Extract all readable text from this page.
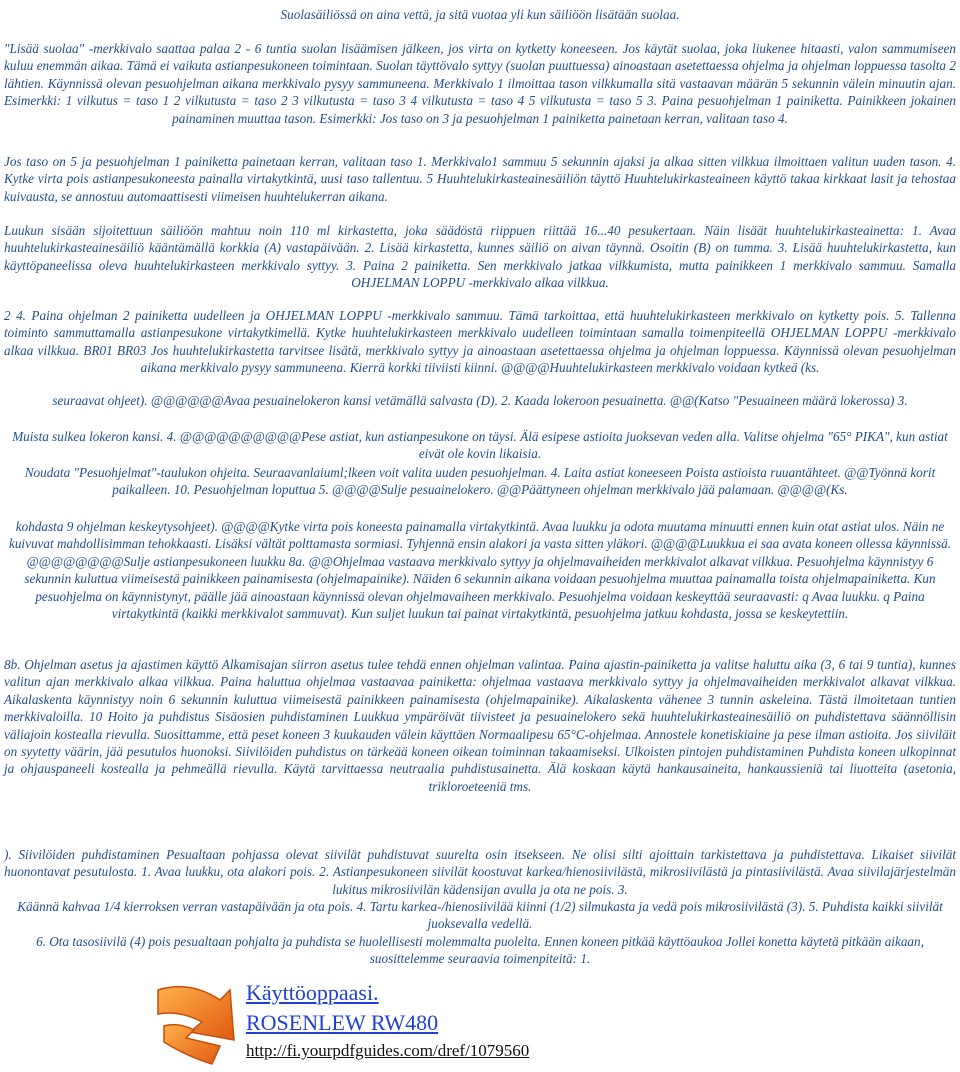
Suolasäiliössä on aina vettä, ja sitä vuotaa yli kun säiliöön lisätään suolaa.

"Lisää suolaa" -merkkivalo saattaa palaa 2 - 6 tuntia suolan lisäämisen jälkeen, jos virta on kytketty koneeseen. Jos käytät suolaa, joka liukenee hitaasti, valon sammumiseen kuluu enemmän aikaa. Tämä ei vaikuta astianpesukoneen toimintaan. Suolan täyttövalo syttyy (suolan puuttuessa) ainoastaan asetettaessa ohjelma ja ohjelman loppuessa tasolta 2 lähtien. Käynnissä olevan pesuohjelman aikana merkkivalo pysyy sammuneena. Merkkivalo 1 ilmoittaa tason vilkkumalla sitä vastaavan määrän 5 sekunnin välein minuutin ajan. Esimerkki: 1 vilkutus = taso 1 2 vilkutusta = taso 2 3 vilkutusta = taso 3 4 vilkutusta = taso 4 5 vilkutusta = taso 5 3. Paina pesuohjelman 1 painiketta. Painikkeen jokainen painaminen muuttaa tason. Esimerkki: Jos taso on 3 ja pesuohjelman 1 painiketta painetaan kerran, valitaan taso 4.

Jos taso on 5 ja pesuohjelman 1 painiketta painetaan kerran, valitaan taso 1. Merkkivalo1 sammuu 5 sekunnin ajaksi ja alkaa sitten vilkkua ilmoittaen valitun uuden tason. 4. Kytke virta pois astianpesukoneesta painalla virtakytkintä, uusi taso tallentuu. 5 Huuhtelukirkasteainesäiliön täyttö Huuhtelukirkasteaineen käyttö takaa kirkkaat lasit ja tehostaa kuivausta, se annostuu automaattisesti viimeisen huuhtelukerran aikana.

Luukun sisään sijoitettuun säiliöön mahtuu noin 110 ml kirkastetta, joka säädöstä riippuen riittää 16...40 pesukertaan. Näin lisäät huuhtelukirkasteainetta: 1. Avaa huuhtelukirkasteainesäiliö kääntämällä korkkia (A) vastapäivään. 2. Lisää kirkastetta, kunnes säiliö on aivan täynnä. Osoitin (B) on tumma. 3. Lisää huuhtelukirkastetta, kun käyttöpaneelissa oleva huuhtelukirkasteen merkkivalo syttyy. 3. Paina 2 painiketta. Sen merkkivalo jatkaa vilkkumista, mutta painikkeen 1 merkkivalo sammuu. Samalla OHJELMAN LOPPU -merkkivalo alkaa vilkkua.

2 4. Paina ohjelman 2 painiketta uudelleen ja OHJELMAN LOPPU -merkkivalo sammuu. Tämä tarkoittaa, että huuhtelukirkasteen merkkivalo on kytketty pois. 5. Tallenna toiminto sammuttamalla astianpesukone virtakytkimellä. Kytke huuhtelukirkasteen merkkivalo uudelleen toimintaan samalla toimenpiteellä OHJELMAN LOPPU -merkkivalo alkaa vilkkua. BR01 BR03 Jos huuhtelukirkastetta tarvitsee lisätä, merkkivalo syttyy ja ainoastaan asetettaessa ohjelma ja ohjelman loppuessa. Käynnissä olevan pesuohjelman aikana merkkivalo pysyy sammuneena. Kierrä korkki tiiviisti kiinni. @@@@Huuhtelukirkasteen merkkivalo voidaan kytkeä (ks.

seuraavat ohjeet). @@@@@@Avaa pesuainelokeron kansi vetämällä salvasta (D). 2. Kaada lokeroon pesuainetta. @@(Katso "Pesuaineen määrä lokerossa) 3.

Muista sulkea lokeron kansi. 4. @@@@@@@@@@Pese astiat, kun astianpesukone on täysi. Älä esipese astioita juoksevan veden alla. Valitse ohjelma "65° PIKA", kun astiat eivät ole kovin likaisia.

Noudata "Pesuohjelmat"-taulukon ohjeita. Seuraavanlaiuml;lkeen voit valita uuden pesuohjelman. 4. Laita astiat koneeseen Poista astioista ruuantähteet. @@Työnnä korit paikalleen. 10. Pesuohjelman loputtua 5. @@@@Sulje pesuainelokero. @@Päättyneen ohjelman merkkivalo jää palamaan. @@@@(Ks.

kohdasta 9 ohjelman keskeytysohjeet). @@@@Kytke virta pois koneesta painamalla virtakytkintä. Avaa luukku ja odota muutama minuutti ennen kuin otat astiat ulos. Näin ne kuivuvat mahdollisimman tehokkaasti. Lisäksi vältät polttamasta sormiasi. Tyhjennä ensin alakori ja vasta sitten yläkori. @@@@Luukkua ei saa avata koneen ollessa käynnissä. @@@@@@@@Sulje astianpesukoneen luukku 8a. @@Ohjelmaa vastaava merkkivalo syttyy ja ohjelmavaiheiden merkkivalot alkavat vilkkua. Pesuohjelma käynnistyy 6 sekunnin kuluttua viimeisestä painikkeen painamisesta (ohjelmapainike). Näiden 6 sekunnin aikana voidaan pesuohjelma muuttaa painamalla toista ohjelmapainiketta. Kun pesuohjelma on käynnistynyt, päälle jää ainoastaan käynnissä olevan ohjelmavaiheen merkkivalo. Pesuohjelma voidaan keskeyttää seuraavasti: q Avaa luukku. q Paina virtakytkintä (kaikki merkkivalot sammuvat). Kun suljet luukun tai painat virtakytkintä, pesuohjelma jatkuu kohdasta, jossa se keskeytettiin.

8b. Ohjelman asetus ja ajastimen käyttö Alkamisajan siirron asetus tulee tehdä ennen ohjelman valintaa. Paina ajastin-painiketta ja valitse haluttu aika (3, 6 tai 9 tuntia), kunnes valitun ajan merkkivalo alkaa vilkkua. Paina haluttua ohjelmaa vastaavaa painiketta: ohjelmaa vastaava merkkivalo syttyy ja ohjelmavaiheiden merkkivalot alkavat vilkkua. Aikalaskenta käynnistyy noin 6 sekunnin kuluttua viimeisestä painikkeen painamisesta (ohjelmapainike). Aikalaskenta vähenee 3 tunnin askeleina. Tästä ilmoitetaan tuntien merkkivaloilla. 10 Hoito ja puhdistus Sisäosien puhdistaminen Luukkua ympäröivät tiivisteet ja pesuainelokero sekä huuhtelukirkasteainesäiliö on puhdistettava säännöllisin väliajoin kostealla rievulla. Suosittamme, että peset koneen 3 kuukauden välein käyttäen Normaalipesu 65°C-ohjelmaa. Annostele konetiskiaine ja pese ilman astioita. Jos siiviläit on syytetty väärin, jää pesutulos huonoksi. Siivilöiden puhdistus on tärkeää koneen oikean toiminnan takaamiseksi. Ulkoisten pintojen puhdistaminen Puhdista koneen ulkopinnat ja ohjauspaneeli kostealla ja pehmeällä rievulla. Käytä tarvittaessa neutraalia puhdistusainetta. Älä koskaan käytä hankausaineita, hankaussieniä tai liuotteita (asetonia, trikloroeteeniä tms.

). Siivilöiden puhdistaminen Pesualtaan pohjassa olevat siivilät puhdistuvat suurelta osin itsekseen. Ne olisi silti ajoittain tarkistettava ja puhdistettava. Likaiset siivilät huonontavat pesutulosta. 1. Avaa luukku, ota alakori pois. 2. Astianpesukoneen siivilät koostuvat karkea/hienosiivilästä, mikrosiivilästä ja pintasiivilästä. Avaa siivilajärjestelmän lukitus mikrosiivilän kädensijan avulla ja ota ne pois. 3.

Käännä kahvaa 1/4 kierroksen verran vastapäivään ja ota pois. 4. Tartu karkea-/hienosiivilää kiinni (1/2) silmukasta ja vedä pois mikrosiivilästä (3). 5. Puhdista kaikki siivilät juoksevalla vedellä.

6. Ota tasosiivilä (4) pois pesualtaan pohjalta ja puhdista se huolellisesti molemmalta puolelta. Ennen koneen pitkää käyttöaukoa Jollei konetta käytetä pitkään aikaan, suosittelemme seuraavia toimenpiteitä: 1.

Käyttöoppaasi.
ROSENLEW RW480
http://fi.yourpdfguides.com/dref/1079560
